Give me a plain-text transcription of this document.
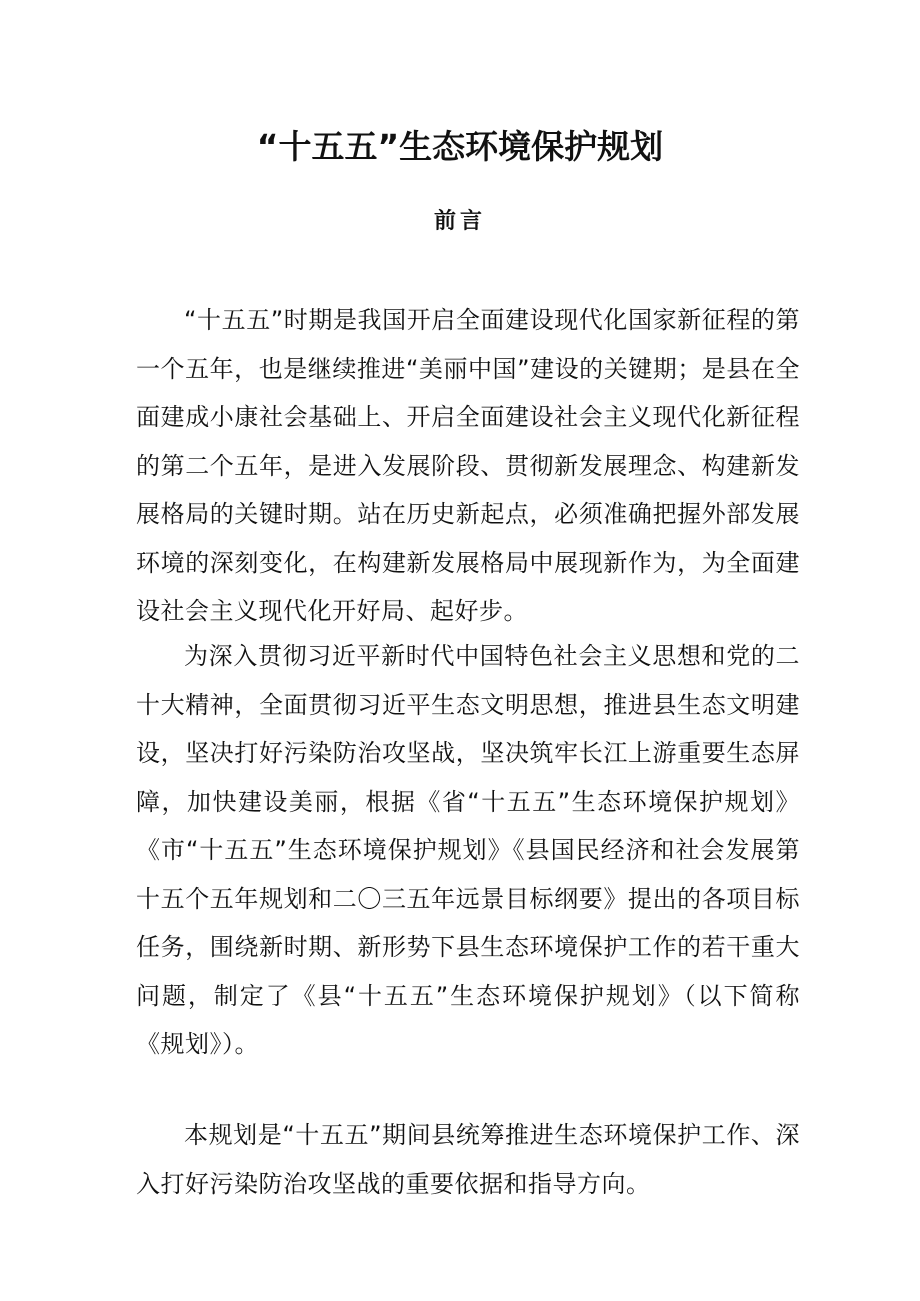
“十五五”生态环境保护规划
前言

“十五五”时期是我国开启全面建设现代化国家新征程的第一个五年，也是继续推进“美丽中国”建设的关键期；是县在全面建成小康社会基础上、开启全面建设社会主义现代化新征程的第二个五年，是进入发展阶段、贯彻新发展理念、构建新发展格局的关键时期。站在历史新起点，必须准确把握外部发展环境的深刻变化，在构建新发展格局中展现新作为，为全面建设社会主义现代化开好局、起好步。

为深入贯彻习近平新时代中国特色社会主义思想和党的二十大精神，全面贯彻习近平生态文明思想，推进县生态文明建设，坚决打好污染防治攻坚战，坚决筑牢长江上游重要生态屏障，加快建设美丽，根据《省“十五五”生态环境保护规划》《市“十五五”生态环境保护规划》《县国民经济和社会发展第十五个五年规划和二〇三五年远景目标纲要》提出的各项目标任务，围绕新时期、新形势下县生态环境保护工作的若干重大问题，制定了《县“十五五”生态环境保护规划》（以下简称《规划》）。

本规划是“十五五”期间县统筹推进生态环境保护工作、深入打好污染防治攻坚战的重要依据和指导方向。
